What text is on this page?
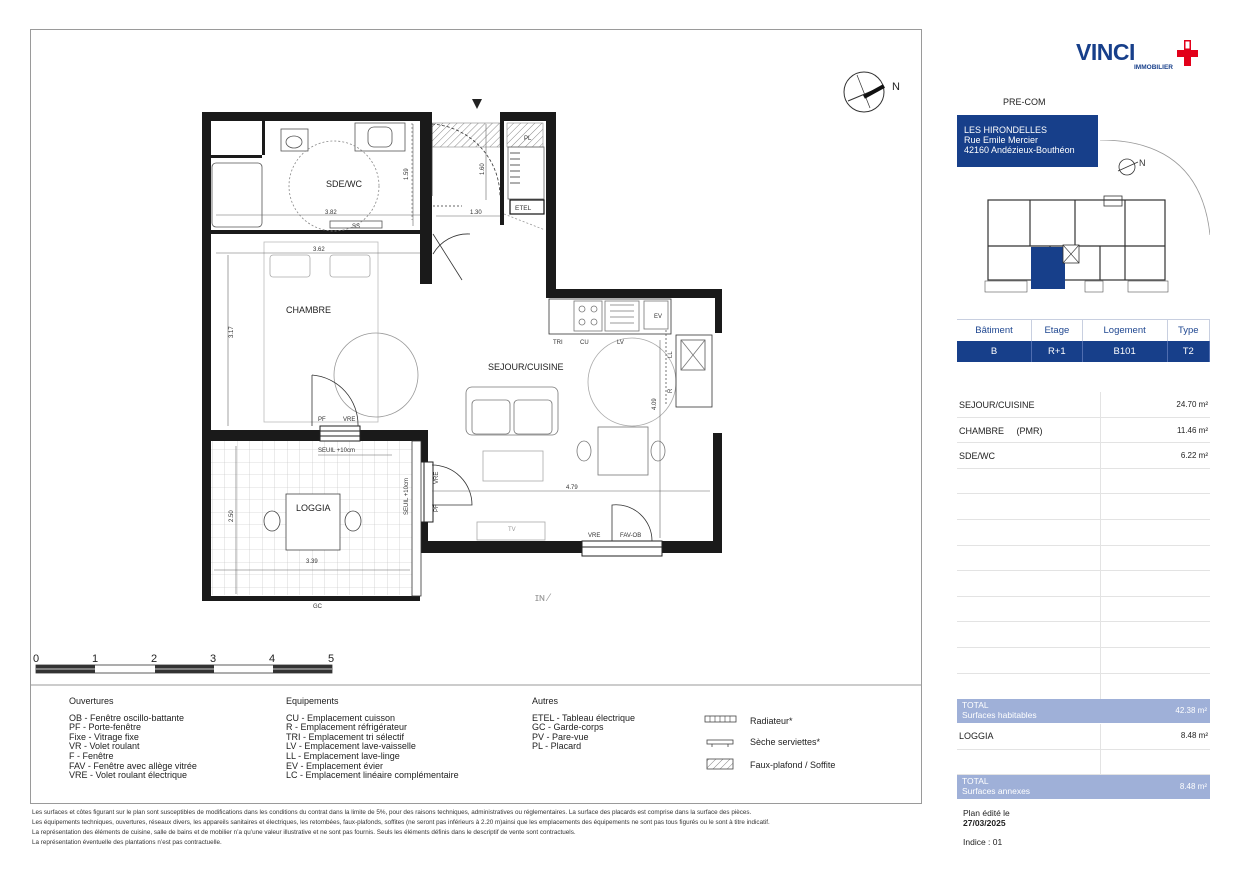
SDE/WC
CHAMBRE
SEJOUR/CUISINE
LOGGIA
1.59
3.82
1.60
1.30
3.62
3.17
4.09
4.79
2.50
3.39
SEUIL +10cm
SEUIL +10cm
ETEL
SS
PL
TRI	CU	LV
EV
LL
R
PF	VRE
FAV-OB
VRE
GC
PF
VRE
TV
N
ɪɴ ⁄
0	1	2	3	4	5
Ouvertures
OB - Fenêtre oscillo-battante
PF - Porte-fenêtre
Fixe - Vitrage fixe
VR - Volet roulant
F - Fenêtre
FAV - Fenêtre avec allège vitrée
VRE - Volet roulant électrique
Equipements
CU - Emplacement cuisson
R - Emplacement réfrigérateur
TRI - Emplacement tri sélectif
LV - Emplacement lave-vaisselle
LL - Emplacement lave-linge
EV - Emplacement évier
LC - Emplacement linéaire complémentaire
Autres
ETEL - Tableau électrique
GC - Garde-corps
PV - Pare-vue
PL - Placard
Radiateur*
Sèche serviettes*
Faux-plafond / Soffite
Les surfaces et côtes figurant sur le plan sont susceptibles de modifications dans les conditions du contrat dans la limite de 5%, pour des raisons techniques, administratives ou réglementaires. La surface des placards est comprise dans la surface des pièces.
Les équipements techniques, ouvertures, réseaux divers, les appareils sanitaires et électriques, les retombées, faux-plafonds, soffites (ne seront pas inférieurs à 2.20 m)ainsi que les emplacements des équipements ne sont pas tous figurés ou le sont à titre indicatif.
La représentation des éléments de cuisine, salle de bains et de mobilier n’a qu’une valeur illustrative et ne sont pas fournis. Seuls les éléments définis dans le descriptif de vente sont contractuels.
La représentation éventuelle des plantations n’est pas contractuelle.
VINCI
IMMOBILIER
PRE-COM
LES HIRONDELLES
Rue Emile Mercier
42160 Andézieux-Bouthéon
N
Bâtiment	Etage	Logement	Type
B	R+1	B101	T2
SEJOUR/CUISINE	24.70 m²
CHAMBRE     (PMR)	11.46 m²
SDE/WC	6.22 m²
TOTAL
Surfaces habitables	42.38 m²
LOGGIA	8.48 m²
TOTAL
Surfaces annexes	8.48 m²
Plan édité le
27/03/2025
Indice : 01
